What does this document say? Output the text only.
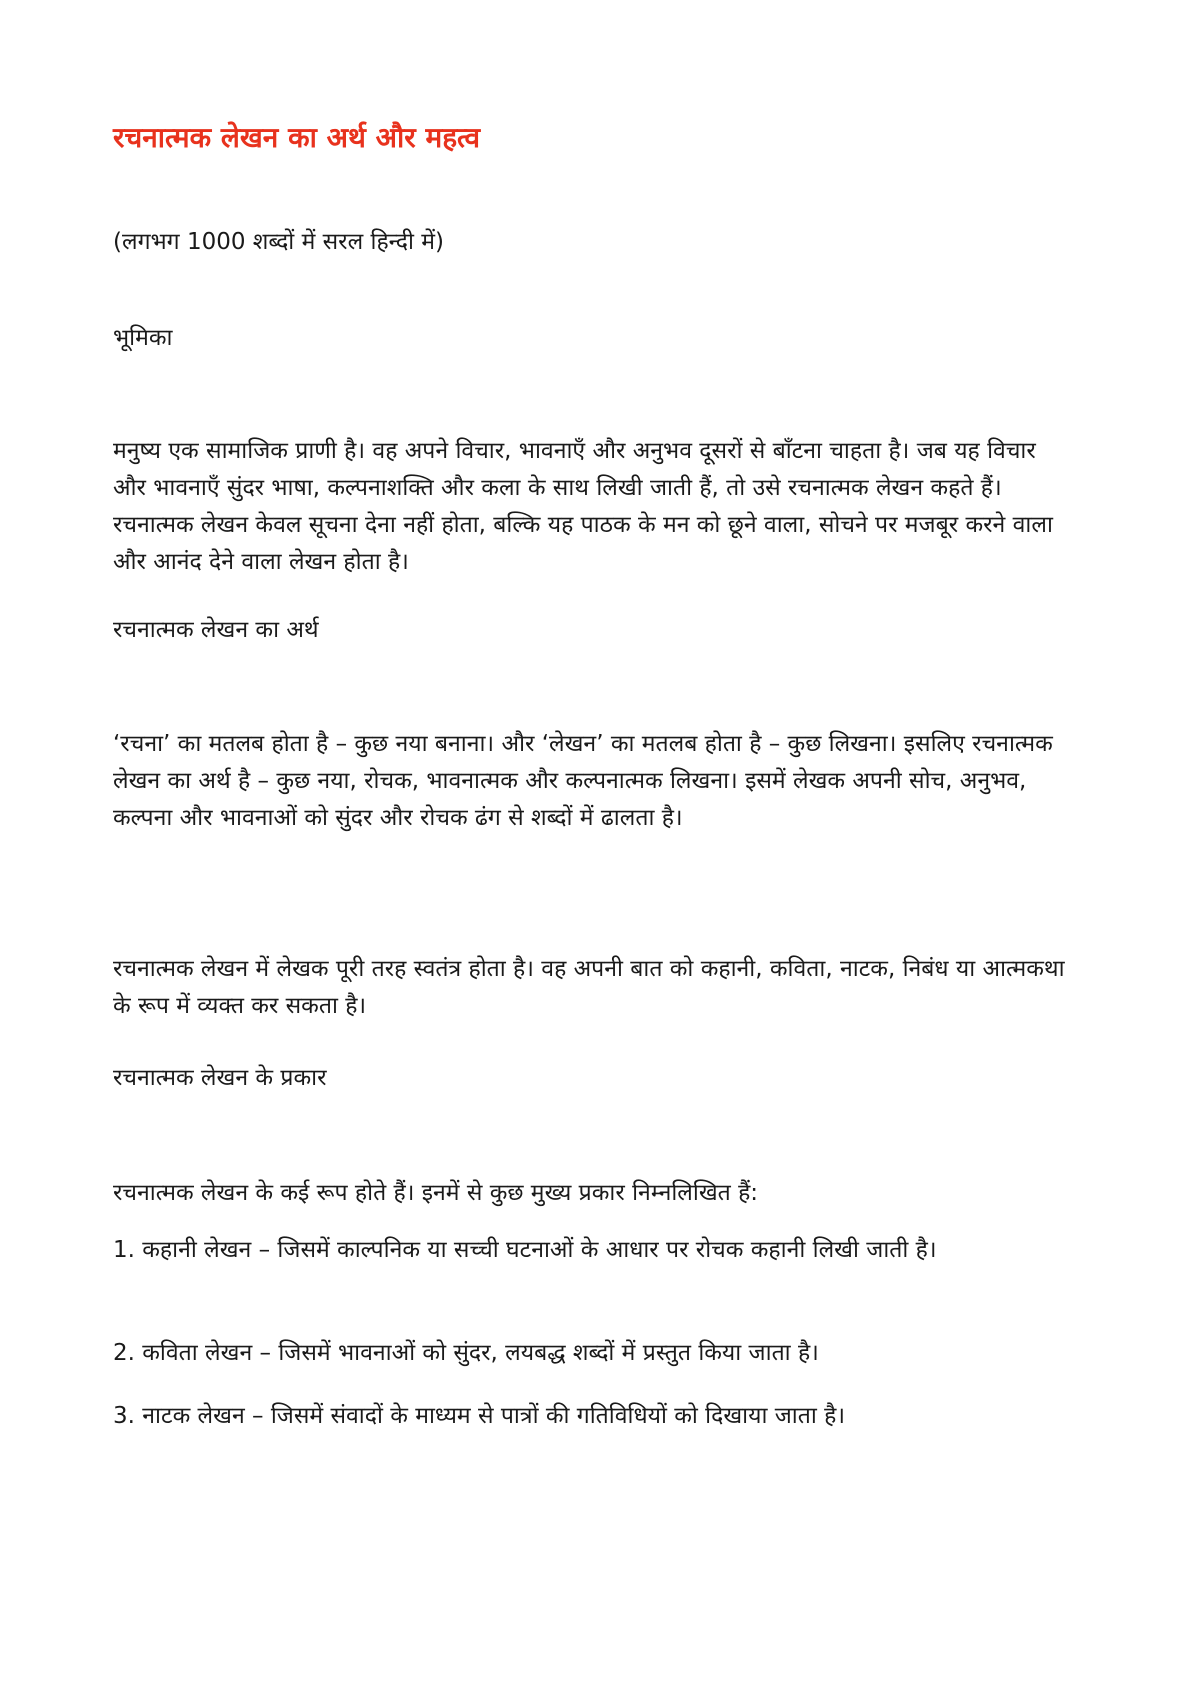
रचनात्मक लेखन का अर्थ और महत्व

(लगभग 1000 शब्दों में सरल हिन्दी में)

भूमिका

मनुष्य एक सामाजिक प्राणी है। वह अपने विचार, भावनाएँ और अनुभव दूसरों से बाँटना चाहता है। जब यह विचार और भावनाएँ सुंदर भाषा, कल्पनाशक्ति और कला के साथ लिखी जाती हैं, तो उसे रचनात्मक लेखन कहते हैं। रचनात्मक लेखन केवल सूचना देना नहीं होता, बल्कि यह पाठक के मन को छूने वाला, सोचने पर मजबूर करने वाला और आनंद देने वाला लेखन होता है।

रचनात्मक लेखन का अर्थ

‘रचना’ का मतलब होता है – कुछ नया बनाना। और ‘लेखन’ का मतलब होता है – कुछ लिखना। इसलिए रचनात्मक लेखन का अर्थ है – कुछ नया, रोचक, भावनात्मक और कल्पनात्मक लिखना। इसमें लेखक अपनी सोच, अनुभव, कल्पना और भावनाओं को सुंदर और रोचक ढंग से शब्दों में ढालता है।

रचनात्मक लेखन में लेखक पूरी तरह स्वतंत्र होता है। वह अपनी बात को कहानी, कविता, नाटक, निबंध या आत्मकथा के रूप में व्यक्त कर सकता है।

रचनात्मक लेखन के प्रकार

रचनात्मक लेखन के कई रूप होते हैं। इनमें से कुछ मुख्य प्रकार निम्नलिखित हैं:

1. कहानी लेखन – जिसमें काल्पनिक या सच्ची घटनाओं के आधार पर रोचक कहानी लिखी जाती है।

2. कविता लेखन – जिसमें भावनाओं को सुंदर, लयबद्ध शब्दों में प्रस्तुत किया जाता है।

3. नाटक लेखन – जिसमें संवादों के माध्यम से पात्रों की गतिविधियों को दिखाया जाता है।
